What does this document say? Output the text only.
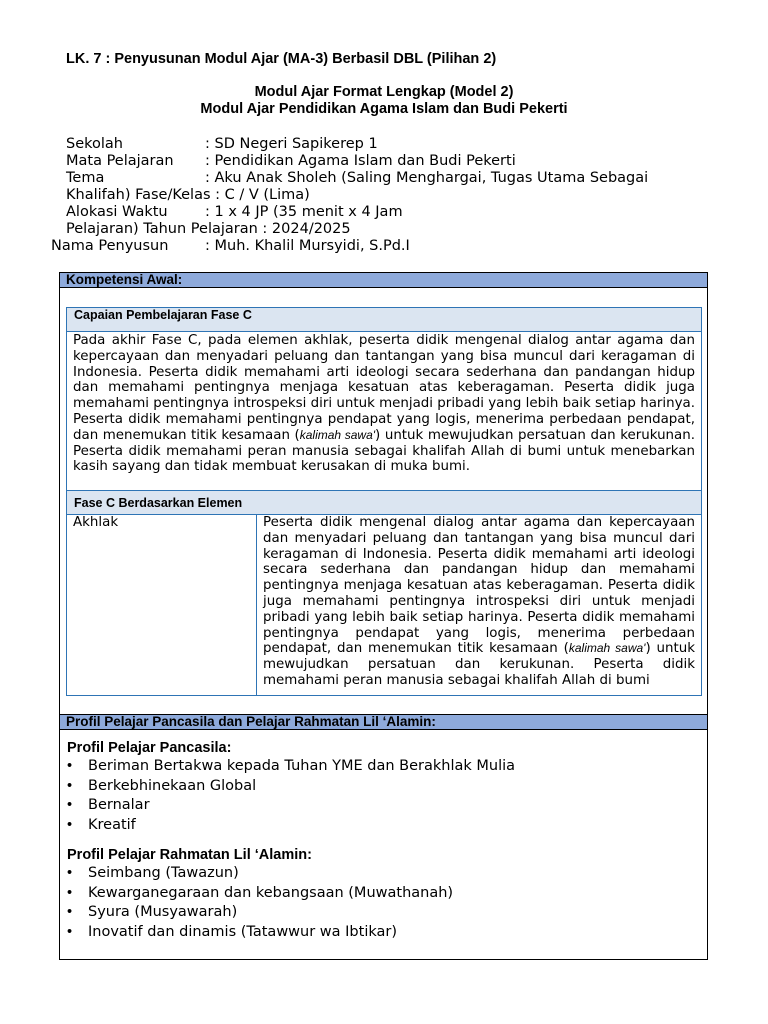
LK. 7 : Penyusunan Modul Ajar (MA-3) Berbasil DBL (Pilihan 2)
Modul Ajar Format Lengkap (Model 2)
Modul Ajar Pendidikan Agama Islam dan Budi Pekerti
Sekolah	: SD Negeri Sapikerep 1
Mata Pelajaran : Pendidikan Agama Islam dan Budi Pekerti
Tema	: Aku Anak Sholeh (Saling Menghargai, Tugas Utama Sebagai
Khalifah) Fase/Kelas : C / V (Lima)
Alokasi Waktu	: 1 x 4 JP (35 menit x 4 Jam
Pelajaran) Tahun Pelajaran : 2024/2025
Nama Penyusun	: Muh. Khalil Mursyidi, S.Pd.I
Kompetensi Awal:
Capaian Pembelajaran Fase C
Pada akhir Fase C, pada elemen akhlak, peserta didik mengenal dialog antar agama dan kepercayaan dan menyadari peluang dan tantangan yang bisa muncul dari keragaman di Indonesia. Peserta didik memahami arti ideologi secara sederhana dan pandangan hidup dan memahami pentingnya menjaga kesatuan atas keberagaman. Peserta didik juga memahami pentingnya introspeksi diri untuk menjadi pribadi yang lebih baik setiap harinya. Peserta didik memahami pentingnya pendapat yang logis, menerima perbedaan pendapat, dan menemukan titik kesamaan (kalimah sawa') untuk mewujudkan persatuan dan kerukunan. Peserta didik memahami peran manusia sebagai khalifah Allah di bumi untuk menebarkan kasih sayang dan tidak membuat kerusakan di muka bumi.
Fase C Berdasarkan Elemen
Akhlak	Peserta didik mengenal dialog antar agama dan kepercayaan dan menyadari peluang dan tantangan yang bisa muncul dari keragaman di Indonesia. Peserta didik memahami arti ideologi secara sederhana dan pandangan hidup dan memahami pentingnya menjaga kesatuan atas keberagaman. Peserta didik juga memahami pentingnya introspeksi diri untuk menjadi pribadi yang lebih baik setiap harinya. Peserta didik memahami pentingnya pendapat yang logis, menerima perbedaan pendapat, dan menemukan titik kesamaan (kalimah sawa') untuk mewujudkan persatuan dan kerukunan. Peserta didik memahami peran manusia sebagai khalifah Allah di bumi
Profil Pelajar Pancasila dan Pelajar Rahmatan Lil ‘Alamin:
Profil Pelajar Pancasila:
• Beriman Bertakwa kepada Tuhan YME dan Berakhlak Mulia
• Berkebhinekaan Global
• Bernalar
• Kreatif
Profil Pelajar Rahmatan Lil ‘Alamin:
• Seimbang (Tawazun)
• Kewarganegaraan dan kebangsaan (Muwathanah)
• Syura (Musyawarah)
• Inovatif dan dinamis (Tatawwur wa Ibtikar)
